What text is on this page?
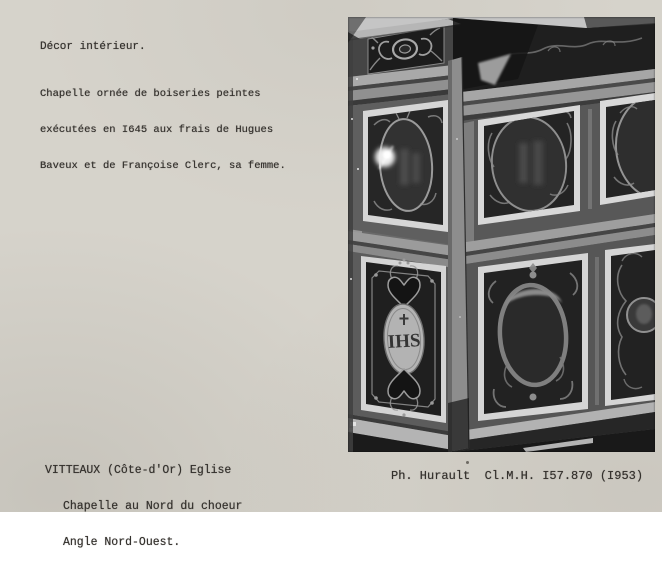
Décor intérieur.

Chapelle ornée de boiseries peintes

exécutées en I645 aux frais de Hugues

Baveux et de Françoise Clerc, sa femme.

VITTEAUX (Côte-d'Or) Eglise

Chapelle au Nord du choeur

Angle Nord-Ouest.

Ph. Hurault  Cl.M.H. I57.870 (I953)
IHS
